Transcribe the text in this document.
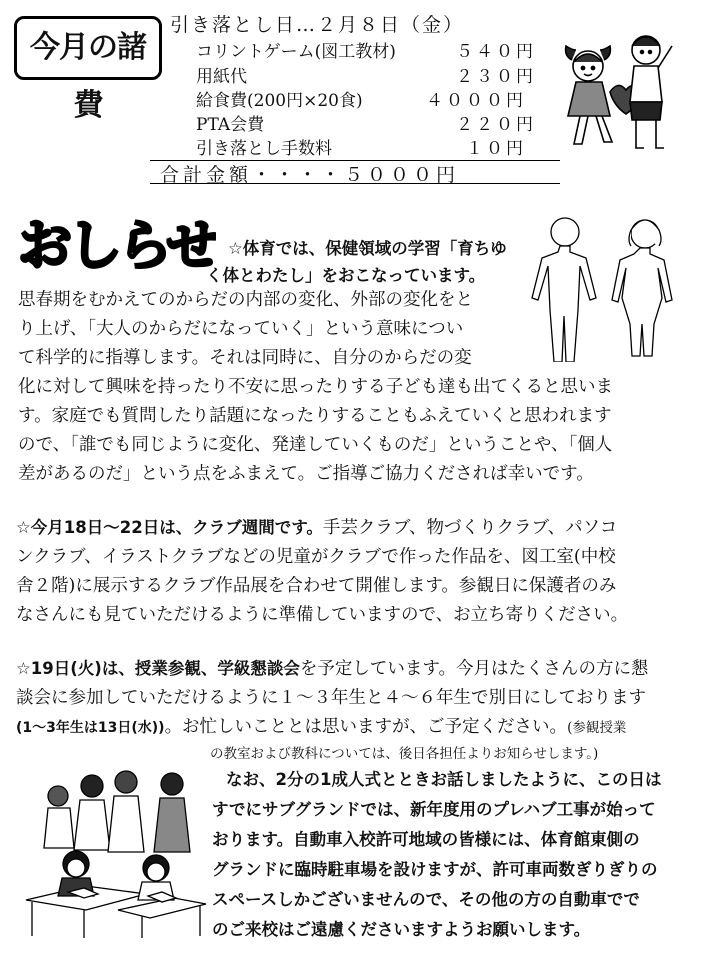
今月の諸費
引き落とし日…２月８日（金）
コリントゲーム(図工教材)	５４０円
用紙代	２３０円
給食費(200円×20食)	４０００円
PTA会費	２２０円
引き落とし手数料	１０円
合計金額・・・・５０００円
おしらせ ☆体育では、保健領域の学習「育ちゆ
く体とわたし」をおこなっています。
思春期をむかえてのからだの内部の変化、外部の変化をと
り上げ、「大人のからだになっていく」という意味につい
て科学的に指導します。それは同時に、自分のからだの変
化に対して興味を持ったり不安に思ったりする子ども達も出てくると思いま
す。家庭でも質問したり話題になったりすることもふえていくと思われます
ので、「誰でも同じように変化、発達していくものだ」ということや、「個人
差があるのだ」という点をふまえて。ご指導ご協力くだされば幸いです。
☆今月18日～22日は、クラブ週間です。手芸クラブ、物づくりクラブ、パソコ
ンクラブ、イラストクラブなどの児童がクラブで作った作品を、図工室(中校
舎２階)に展示するクラブ作品展を合わせて開催します。参観日に保護者のみ
なさんにも見ていただけるように準備していますので、お立ち寄りください。
☆19日(火)は、授業参観、学級懇談会を予定しています。今月はたくさんの方に懇
談会に参加していただけるように１～３年生と４～６年生で別日にしております
(1～3年生は13日(水))。お忙しいこととは思いますが、ご予定ください。(参観授業
の教室および教科については、後日各担任よりお知らせします。)
なお、2分の1成人式とときお話しましたように、この日は
すでにサブグランドでは、新年度用のプレハブ工事が始って
おります。自動車入校許可地域の皆様には、体育館東側の
グランドに臨時駐車場を設けますが、許可車両数ぎりぎりの
スペースしかございませんので、その他の方の自動車でで
のご来校はご遠慮くださいますようお願いします。
